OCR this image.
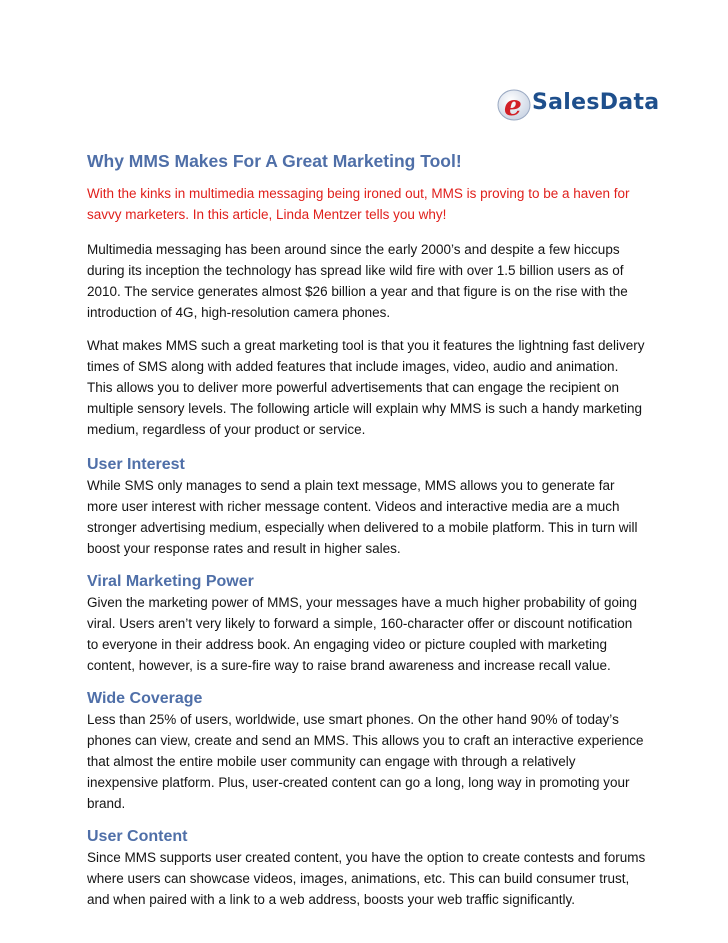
e SalesData
Why MMS Makes For A Great Marketing Tool!

With the kinks in multimedia messaging being ironed out, MMS is proving to be a haven for savvy marketers. In this article, Linda Mentzer tells you why!

Multimedia messaging has been around since the early 2000’s and despite a few hiccups during its inception the technology has spread like wild fire with over 1.5 billion users as of 2010. The service generates almost $26 billion a year and that figure is on the rise with the introduction of 4G, high-resolution camera phones.

What makes MMS such a great marketing tool is that you it features the lightning fast delivery times of SMS along with added features that include images, video, audio and animation. This allows you to deliver more powerful advertisements that can engage the recipient on multiple sensory levels. The following article will explain why MMS is such a handy marketing medium, regardless of your product or service.

User Interest

While SMS only manages to send a plain text message, MMS allows you to generate far more user interest with richer message content. Videos and interactive media are a much stronger advertising medium, especially when delivered to a mobile platform. This in turn will boost your response rates and result in higher sales.

Viral Marketing Power

Given the marketing power of MMS, your messages have a much higher probability of going viral. Users aren’t very likely to forward a simple, 160-character offer or discount notification to everyone in their address book. An engaging video or picture coupled with marketing content, however, is a sure-fire way to raise brand awareness and increase recall value.

Wide Coverage

Less than 25% of users, worldwide, use smart phones. On the other hand 90% of today’s phones can view, create and send an MMS. This allows you to craft an interactive experience that almost the entire mobile user community can engage with through a relatively inexpensive platform. Plus, user-created content can go a long, long way in promoting your brand.

User Content

Since MMS supports user created content, you have the option to create contests and forums where users can showcase videos, images, animations, etc. This can build consumer trust, and when paired with a link to a web address, boosts your web traffic significantly.
